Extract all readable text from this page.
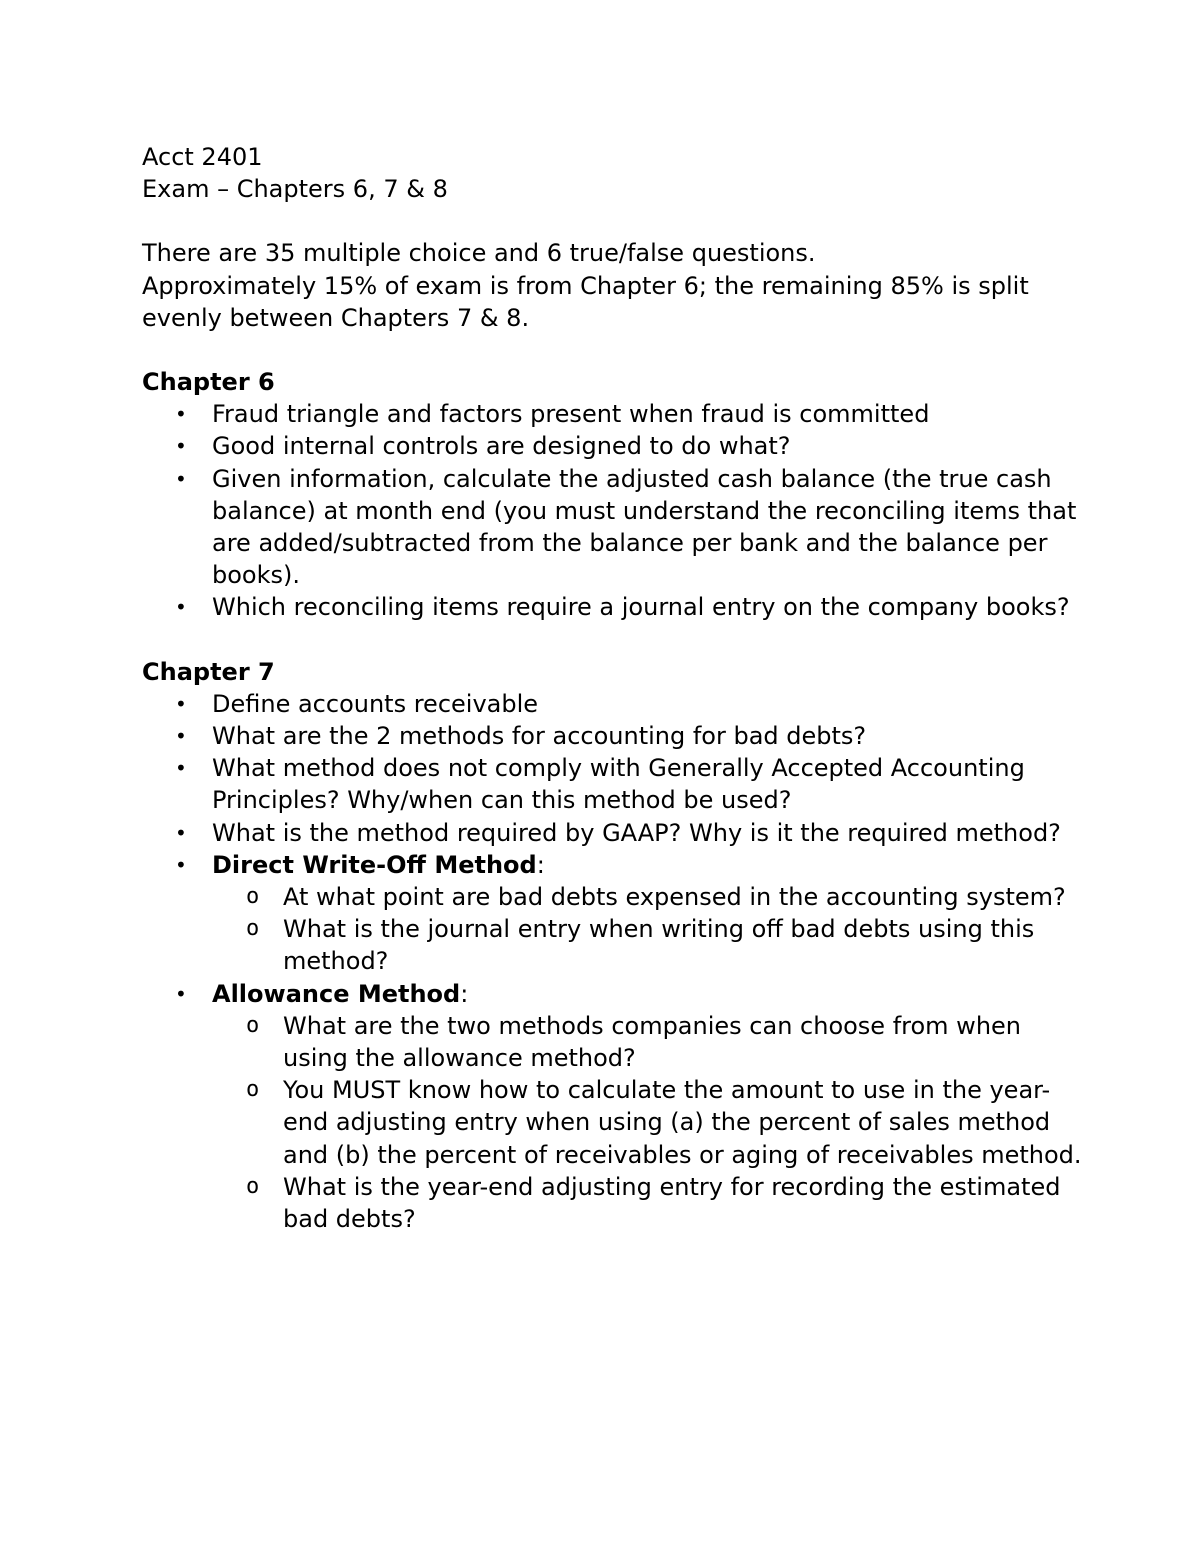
Acct 2401

Exam – Chapters 6, 7 & 8

There are 35 multiple choice and 6 true/false questions.

Approximately 15% of exam is from Chapter 6; the remaining 85% is split evenly between Chapters 7 & 8.

Chapter 6

• Fraud triangle and factors present when fraud is committed
• Good internal controls are designed to do what?
• Given information, calculate the adjusted cash balance (the true cash balance) at month end (you must understand the reconciling items that are added/subtracted from the balance per bank and the balance per books).
• Which reconciling items require a journal entry on the company books?

Chapter 7

• Define accounts receivable
• What are the 2 methods for accounting for bad debts?
• What method does not comply with Generally Accepted Accounting Principles? Why/when can this method be used?
• What is the method required by GAAP? Why is it the required method?
• Direct Write-Off Method:
o At what point are bad debts expensed in the accounting system?
o What is the journal entry when writing off bad debts using this method?
• Allowance Method:
o What are the two methods companies can choose from when using the allowance method?
o You MUST know how to calculate the amount to use in the year-end adjusting entry when using (a) the percent of sales method and (b) the percent of receivables or aging of receivables method.
o What is the year-end adjusting entry for recording the estimated bad debts?
